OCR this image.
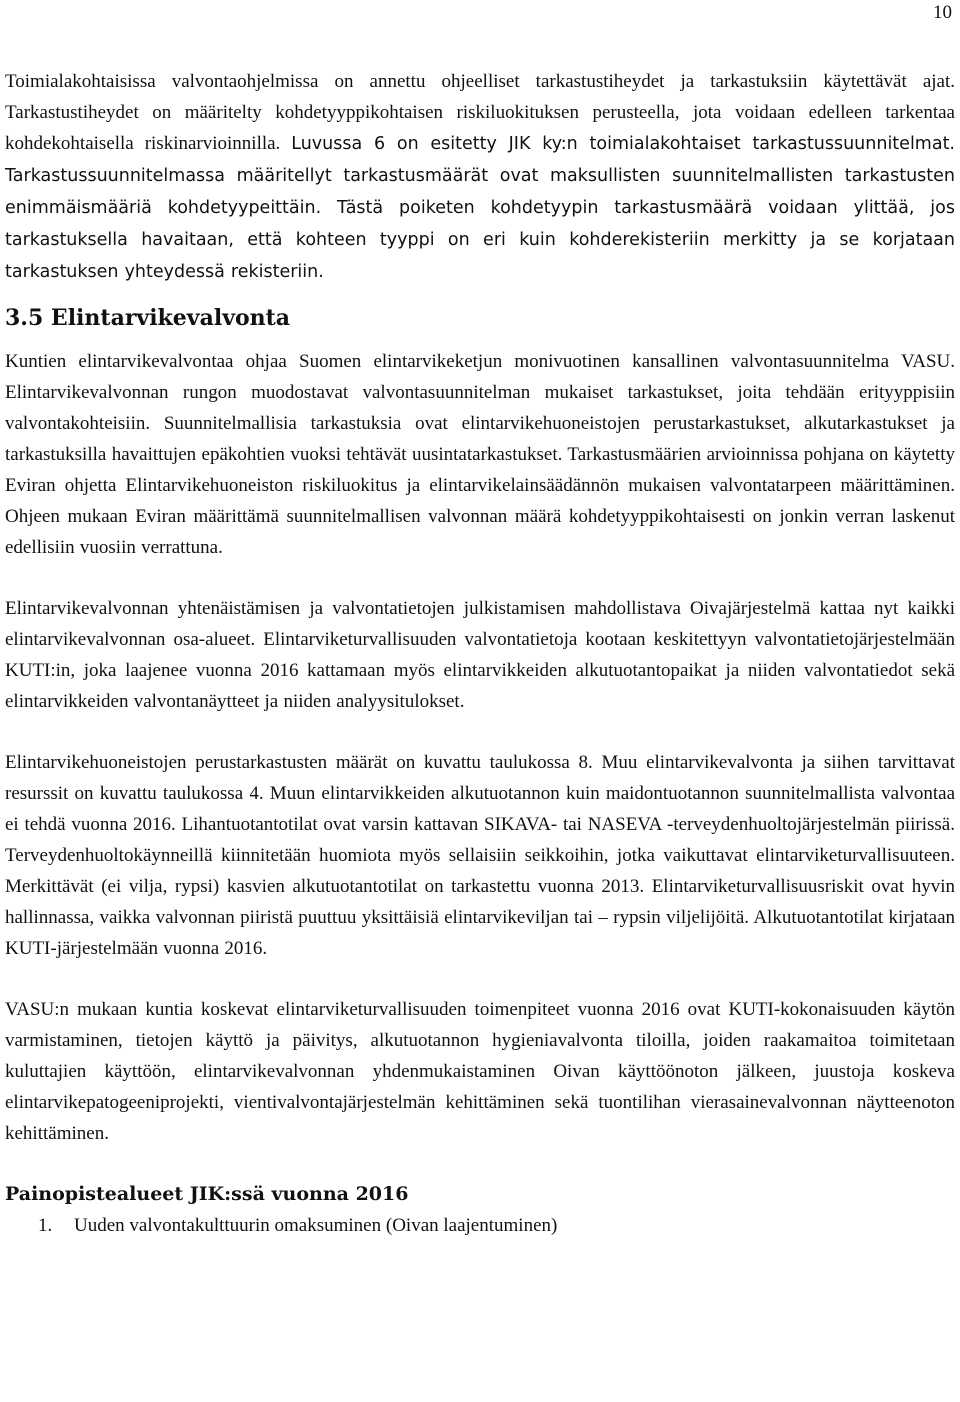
10

Toimialakohtaisissa valvontaohjelmissa on annettu ohjeelliset tarkastustiheydet ja tarkastuksiin käytettävät ajat. Tarkastustiheydet on määritelty kohdetyyppikohtaisen riskiluokituksen perusteella, jota voidaan edelleen tarkentaa kohdekohtaisella riskinarvioinnilla. Luvussa 6 on esitetty JIK ky:n toimialakohtaiset tarkastussuunnitelmat. Tarkastussuunnitelmassa määritellyt tarkastusmäärät ovat maksullisten suunnitelmallisten tarkastusten enimmäismääriä kohdetyypeittäin. Tästä poiketen kohdetyypin tarkastusmäärä voidaan ylittää, jos tarkastuksella havaitaan, että kohteen tyyppi on eri kuin kohderekisteriin merkitty ja se korjataan tarkastuksen yhteydessä rekisteriin.

3.5 Elintarvikevalvonta

Kuntien elintarvikevalvontaa ohjaa Suomen elintarvikeketjun monivuotinen kansallinen valvontasuunnitelma VASU. Elintarvikevalvonnan rungon muodostavat valvontasuunnitelman mukaiset tarkastukset, joita tehdään erityyppisiin valvontakohteisiin. Suunnitelmallisia tarkastuksia ovat elintarvikehuoneistojen perustarkastukset, alkutarkastukset ja tarkastuksilla havaittujen epäkohtien vuoksi tehtävät uusintatarkastukset. Tarkastusmäärien arvioinnissa pohjana on käytetty Eviran ohjetta Elintarvikehuoneiston riskiluokitus ja elintarvikelainsäädännön mukaisen valvontatarpeen määrittäminen. Ohjeen mukaan Eviran määrittämä suunnitelmallisen valvonnan määrä kohdetyyppikohtaisesti on jonkin verran laskenut edellisiin vuosiin verrattuna.

Elintarvikevalvonnan yhtenäistämisen ja valvontatietojen julkistamisen mahdollistava Oivajärjestelmä kattaa nyt kaikki elintarvikevalvonnan osa-alueet. Elintarviketurvallisuuden valvontatietoja kootaan keskitettyyn valvontatietojärjestelmään KUTI:in, joka laajenee vuonna 2016 kattamaan myös elintarvikkeiden alkutuotantopaikat ja niiden valvontatiedot sekä elintarvikkeiden valvontanäytteet ja niiden analyysitulokset.

Elintarvikehuoneistojen perustarkastusten määrät on kuvattu taulukossa 8. Muu elintarvikevalvonta ja siihen tarvittavat resurssit on kuvattu taulukossa 4. Muun elintarvikkeiden alkutuotannon kuin maidontuotannon suunnitelmallista valvontaa ei tehdä vuonna 2016. Lihantuotantotilat ovat varsin kattavan SIKAVA- tai NASEVA -terveydenhuoltojärjestelmän piirissä. Terveydenhuoltokäynneillä kiinnitetään huomiota myös sellaisiin seikkoihin, jotka vaikuttavat elintarviketurvallisuuteen. Merkittävät (ei vilja, rypsi) kasvien alkutuotantotilat on tarkastettu vuonna 2013. Elintarviketurvallisuusriskit ovat hyvin hallinnassa, vaikka valvonnan piiristä puuttuu yksittäisiä elintarvikeviljan tai – rypsin viljelijöitä. Alkutuotantotilat kirjataan KUTI-järjestelmään vuonna 2016.

VASU:n mukaan kuntia koskevat elintarviketurvallisuuden toimenpiteet vuonna 2016 ovat KUTI-kokonaisuuden käytön varmistaminen, tietojen käyttö ja päivitys, alkutuotannon hygieniavalvonta tiloilla, joiden raakamaitoa toimitetaan kuluttajien käyttöön, elintarvikevalvonnan yhdenmukaistaminen Oivan käyttöönoton jälkeen, juustoja koskeva elintarvikepatogeeniprojekti, vientivalvontajärjestelmän kehittäminen sekä tuontilihan vierasainevalvonnan näytteenoton kehittäminen.

Painopistealueet JIK:ssä vuonna 2016

1. Uuden valvontakulttuurin omaksuminen (Oivan laajentuminen)
